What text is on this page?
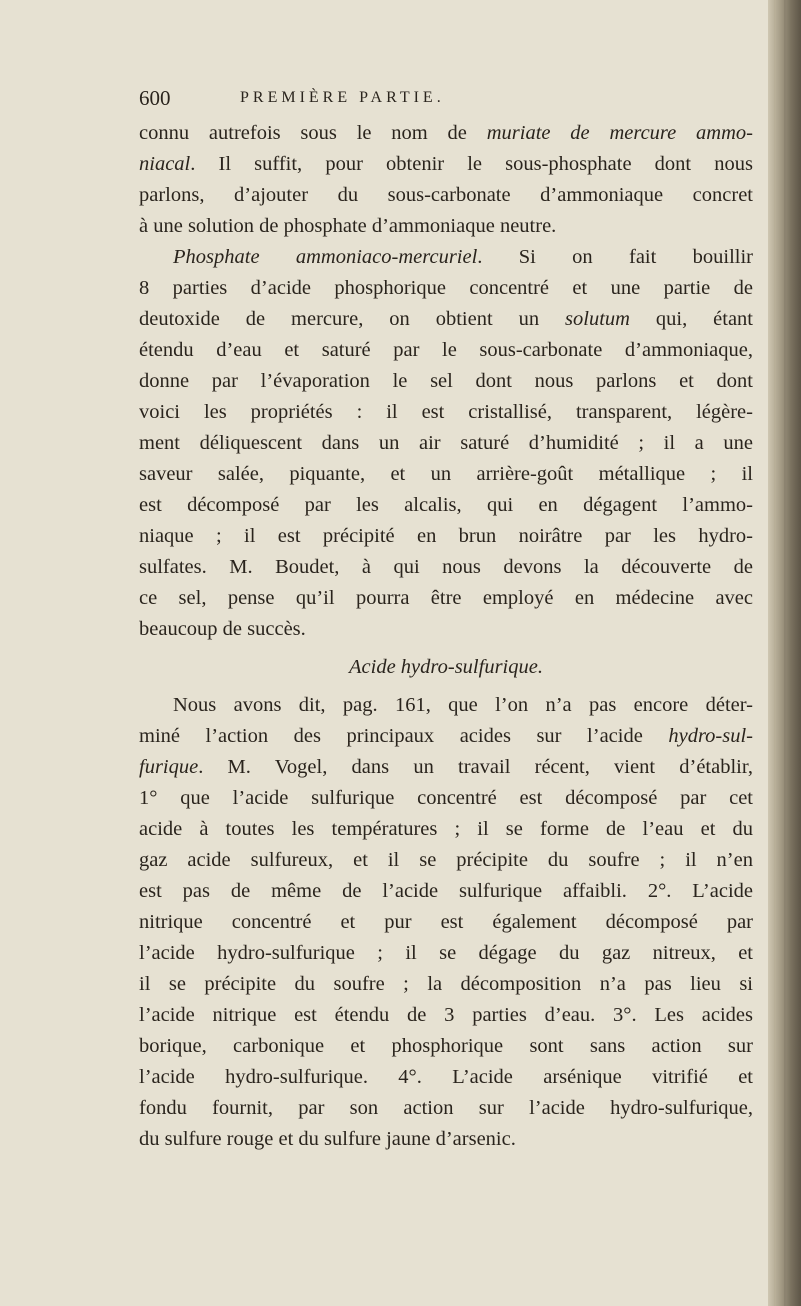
600	PREMIÈRE PARTIE.
connu autrefois sous le nom de muriate de mercure ammo-
niacal. Il suffit, pour obtenir le sous-phosphate dont nous
parlons, d’ajouter du sous-carbonate d’ammoniaque concret
à une solution de phosphate d’ammoniaque neutre.
Phosphate ammoniaco-mercuriel. Si on fait bouillir
8 parties d’acide phosphorique concentré et une partie de
deutoxide de mercure, on obtient un solutum qui, étant
étendu d’eau et saturé par le sous-carbonate d’ammoniaque,
donne par l’évaporation le sel dont nous parlons et dont
voici les propriétés : il est cristallisé, transparent, légère-
ment déliquescent dans un air saturé d’humidité ; il a une
saveur salée, piquante, et un arrière-goût métallique ; il
est décomposé par les alcalis, qui en dégagent l’ammo-
niaque ; il est précipité en brun noirâtre par les hydro-
sulfates. M. Boudet, à qui nous devons la découverte de
ce sel, pense qu’il pourra être employé en médecine avec
beaucoup de succès.
Acide hydro-sulfurique.
Nous avons dit, pag. 161, que l’on n’a pas encore déter-
miné l’action des principaux acides sur l’acide hydro-sul-
furique. M. Vogel, dans un travail récent, vient d’établir,
1° que l’acide sulfurique concentré est décomposé par cet
acide à toutes les températures ; il se forme de l’eau et du
gaz acide sulfureux, et il se précipite du soufre ; il n’en
est pas de même de l’acide sulfurique affaibli. 2°. L’acide
nitrique concentré et pur est également décomposé par
l’acide hydro-sulfurique ; il se dégage du gaz nitreux, et
il se précipite du soufre ; la décomposition n’a pas lieu si
l’acide nitrique est étendu de 3 parties d’eau. 3°. Les acides
borique, carbonique et phosphorique sont sans action sur
l’acide hydro-sulfurique. 4°. L’acide arsénique vitrifié et
fondu fournit, par son action sur l’acide hydro-sulfurique,
du sulfure rouge et du sulfure jaune d’arsenic.
